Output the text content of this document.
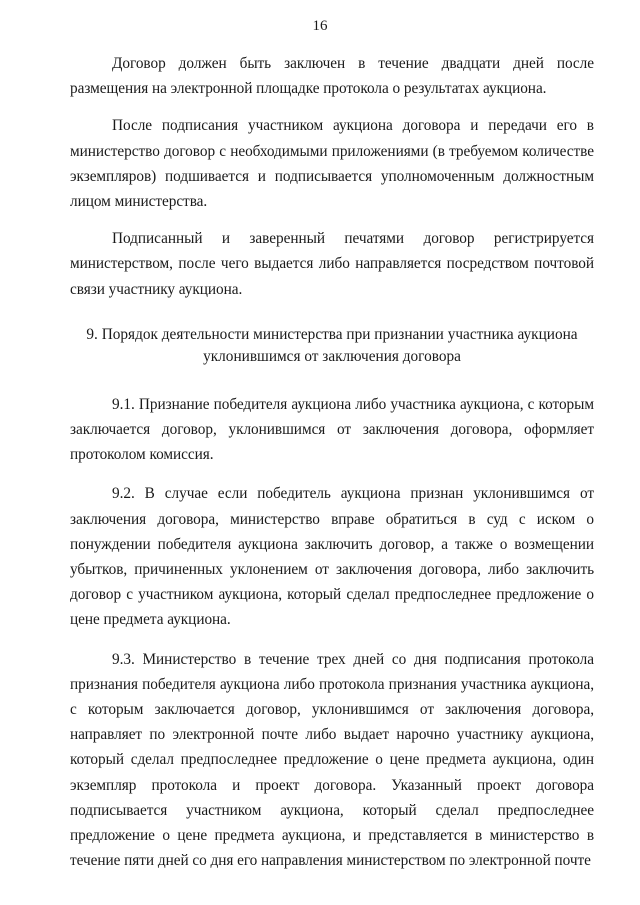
16

Договор должен быть заключен в течение двадцати дней после размещения на электронной площадке протокола о результатах аукциона.

После подписания участником аукциона договора и передачи его в министерство договор с необходимыми приложениями (в требуемом количестве экземпляров) подшивается и подписывается уполномоченным должностным лицом министерства.

Подписанный и заверенный печатями договор регистрируется министерством, после чего выдается либо направляется посредством почтовой связи участнику аукциона.

9. Порядок деятельности министерства при признании участника аукциона
уклонившимся от заключения договора

9.1. Признание победителя аукциона либо участника аукциона, с которым заключается договор, уклонившимся от заключения договора, оформляет протоколом комиссия.

9.2. В случае если победитель аукциона признан уклонившимся от заключения договора, министерство вправе обратиться в суд с иском о понуждении победителя аукциона заключить договор, а также о возмещении убытков, причиненных уклонением от заключения договора, либо заключить договор с участником аукциона, который сделал предпоследнее предложение о цене предмета аукциона.

9.3. Министерство в течение трех дней со дня подписания протокола признания победителя аукциона либо протокола признания участника аукциона, с которым заключается договор, уклонившимся от заключения договора, направляет по электронной почте либо выдает нарочно участнику аукциона, который сделал предпоследнее предложение о цене предмета аукциона, один экземпляр протокола и проект договора. Указанный проект договора подписывается участником аукциона, который сделал предпоследнее предложение о цене предмета аукциона, и представляется в министерство в течение пяти дней со дня его направления министерством по электронной почте
